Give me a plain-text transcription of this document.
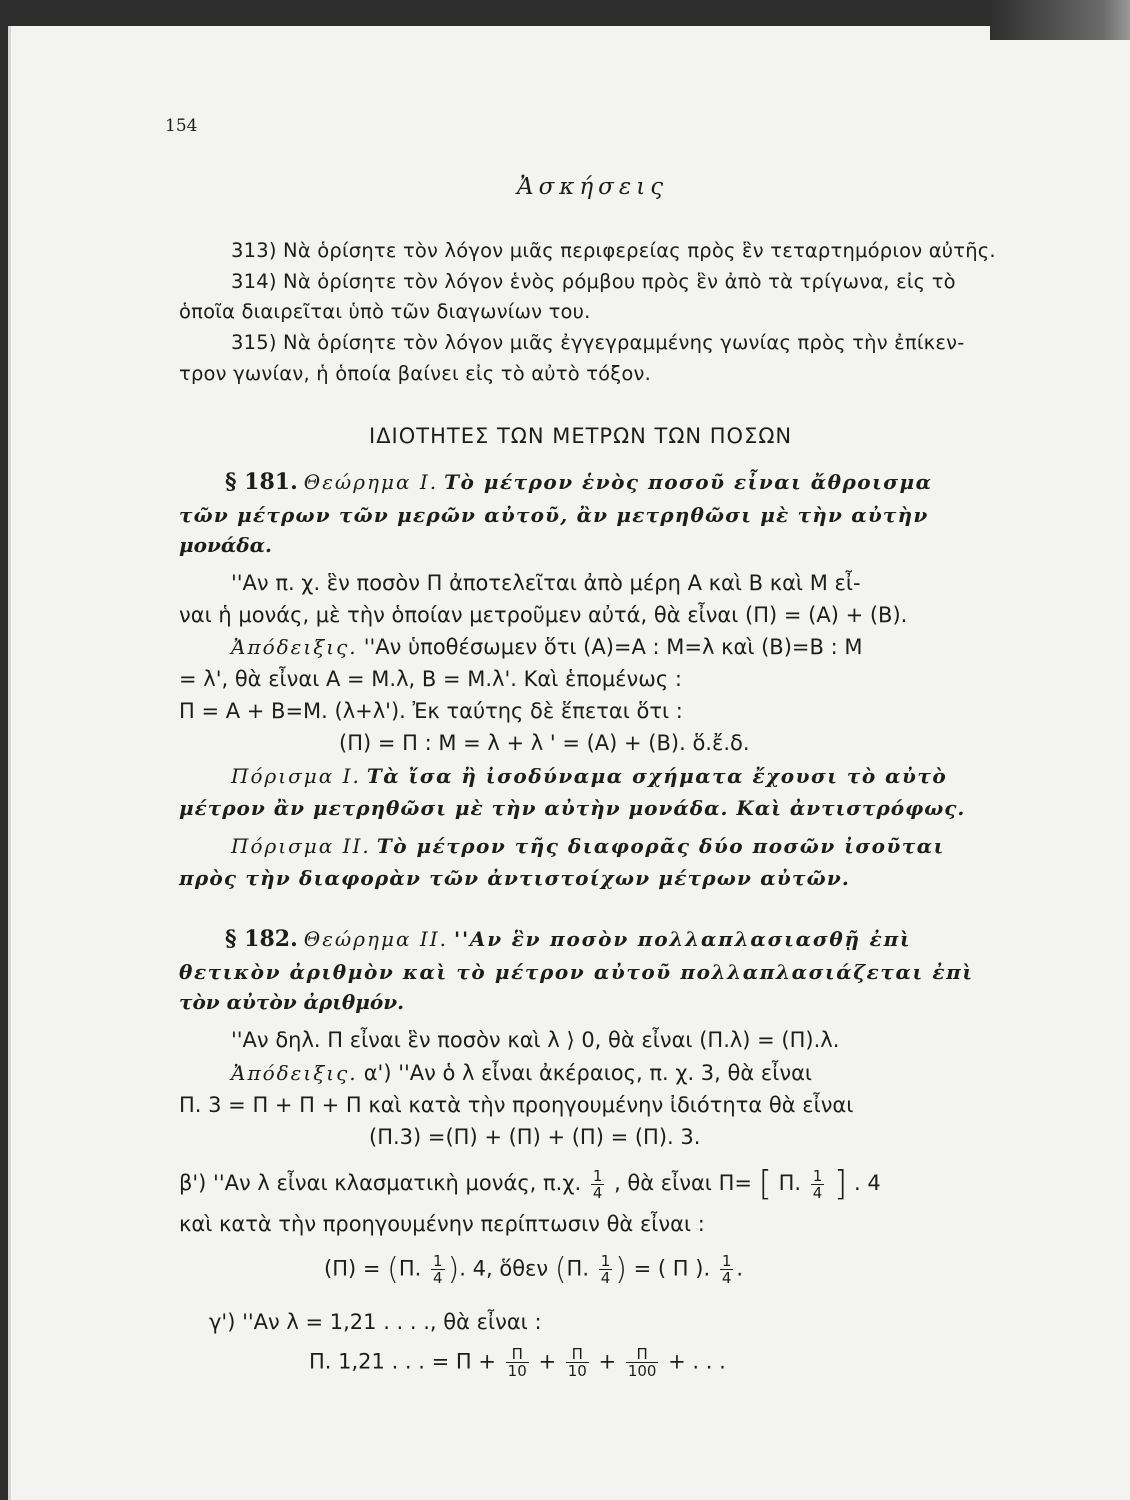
154
Ἀσκήσεις
313) Νὰ ὁρίσητε τὸν λόγον μιᾶς περιφερείας πρὸς ἓν τεταρτημόριον αὐτῆς.
314) Νὰ ὁρίσητε τὸν λόγον ἑνὸς ρόμβου πρὸς ἓν ἀπὸ τὰ τρίγωνα, εἰς τὸ
ὁποῖα διαιρεῖται ὑπὸ τῶν διαγωνίων του.
315) Νὰ ὁρίσητε τὸν λόγον μιᾶς ἐγγεγραμμένης γωνίας πρὸς τὴν ἐπίκεν-
τρον γωνίαν, ἡ ὁποία βαίνει εἰς τὸ αὐτὸ τόξον.
ΙΔΙΟΤΗΤΕΣ ΤΩΝ ΜΕΤΡΩΝ ΤΩΝ ΠΟΣΩΝ
§ 181. Θεώρημα Ι. Τὸ μέτρον ἑνὸς ποσοῦ εἶναι ἄθροισμα
τῶν μέτρων τῶν μερῶν αὐτοῦ, ἂν μετρηθῶσι μὲ τὴν αὐτὴν
μονάδα.
''Αν π. χ. ἓν ποσὸν Π ἀποτελεῖται ἀπὸ μέρη Α καὶ Β καὶ Μ εἶ-
ναι ἡ μονάς, μὲ τὴν ὁποίαν μετροῦμεν αὐτά, θὰ εἶναι (Π) = (Α) + (Β).
Ἀπόδειξις. ''Αν ὑποθέσωμεν ὅτι (Α)=Α : Μ=λ καὶ (Β)=Β : Μ
= λ', θὰ εἶναι Α = Μ.λ, Β = Μ.λ'. Καὶ ἑπομένως :
Π = Α + Β=Μ. (λ+λ'). Ἐκ ταύτης δὲ ἕπεται ὅτι :
(Π) = Π : Μ = λ + λ ' = (Α) + (Β). ὅ.ἔ.δ.
Πόρισμα Ι. Τὰ ἴσα ἢ ἰσοδύναμα σχήματα ἔχουσι τὸ αὐτὸ
μέτρον ἂν μετρηθῶσι μὲ τὴν αὐτὴν μονάδα. Καὶ ἀντιστρόφως.
Πόρισμα ΙΙ. Τὸ μέτρον τῆς διαφορᾶς δύο ποσῶν ἰσοῦται
πρὸς τὴν διαφορὰν τῶν ἀντιστοίχων μέτρων αὐτῶν.
§ 182. Θεώρημα ΙΙ. ''Αν ἓν ποσὸν πολλαπλασιασθῇ ἐπὶ
θετικὸν ἀριθμὸν καὶ τὸ μέτρον αὐτοῦ πολλαπλασιάζεται ἐπὶ
τὸν αὐτὸν ἀριθμόν.
''Αν δηλ. Π εἶναι ἓν ποσὸν καὶ λ ⟩ 0, θὰ εἶναι (Π.λ) = (Π).λ.
Ἀπόδειξις. α') ''Αν ὁ λ εἶναι ἀκέραιος, π. χ. 3, θὰ εἶναι
Π. 3 = Π + Π + Π καὶ κατὰ τὴν προηγουμένην ἰδιότητα θὰ εἶναι
(Π.3) =(Π) + (Π) + (Π) = (Π). 3.
β') ''Αν λ εἶναι κλασματικὴ μονάς, π.χ. $\frac{1}{4}$ , θὰ εἶναι Π= [ Π. $\frac{1}{4}$ ] . 4
καὶ κατὰ τὴν προηγουμένην περίπτωσιν θὰ εἶναι :
(Π) = (Π. $\frac{1}{4}$ ). 4, ὅθεν (Π. $\frac{1}{4}$ ) = ( Π ). $\frac{1}{4}$ .
γ') ''Αν λ = 1,21 . . . ., θὰ εἶναι :
Π. 1,21 . . . = $\Pi + \frac{\Pi}{10} + \frac{\Pi}{10} + \frac{\Pi}{100}$ + . . .
